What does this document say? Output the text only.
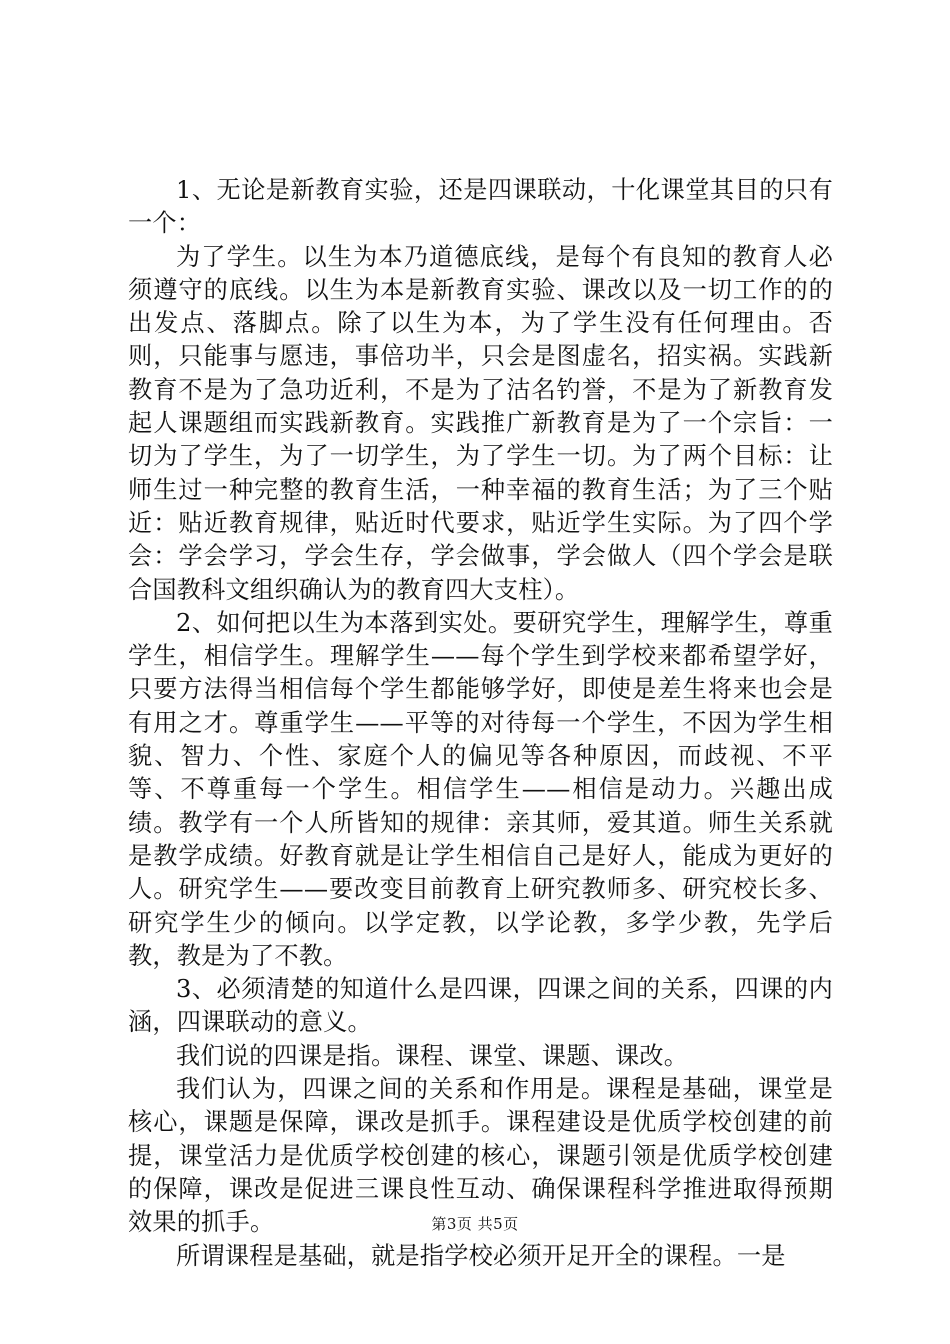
1、无论是新教育实验，还是四课联动，十化课堂其目的只有一个：

为了学生。以生为本乃道德底线，是每个有良知的教育人必须遵守的底线。以生为本是新教育实验、课改以及一切工作的的出发点、落脚点。除了以生为本，为了学生没有任何理由。否则，只能事与愿违，事倍功半，只会是图虚名，招实祸。实践新教育不是为了急功近利，不是为了沽名钓誉，不是为了新教育发起人课题组而实践新教育。实践推广新教育是为了一个宗旨：一切为了学生，为了一切学生，为了学生一切。为了两个目标：让师生过一种完整的教育生活，一种幸福的教育生活；为了三个贴近：贴近教育规律，贴近时代要求，贴近学生实际。为了四个学会：学会学习，学会生存，学会做事，学会做人（四个学会是联合国教科文组织确认为的教育四大支柱）。

2、如何把以生为本落到实处。要研究学生，理解学生，尊重学生，相信学生。理解学生——每个学生到学校来都希望学好，只要方法得当相信每个学生都能够学好，即使是差生将来也会是有用之才。尊重学生——平等的对待每一个学生，不因为学生相貌、智力、个性、家庭个人的偏见等各种原因，而歧视、不平等、不尊重每一个学生。相信学生——相信是动力。兴趣出成绩。教学有一个人所皆知的规律：亲其师，爱其道。师生关系就是教学成绩。好教育就是让学生相信自己是好人，能成为更好的人。研究学生——要改变目前教育上研究教师多、研究校长多、研究学生少的倾向。以学定教，以学论教，多学少教，先学后教，教是为了不教。

3、必须清楚的知道什么是四课，四课之间的关系，四课的内涵，四课联动的意义。

我们说的四课是指。课程、课堂、课题、课改。

我们认为，四课之间的关系和作用是。课程是基础，课堂是核心，课题是保障，课改是抓手。课程建设是优质学校创建的前提，课堂活力是优质学校创建的核心，课题引领是优质学校创建的保障，课改是促进三课良性互动、确保课程科学推进取得预期效果的抓手。

所谓课程是基础，就是指学校必须开足开全的课程。一是

第3页 共5页
